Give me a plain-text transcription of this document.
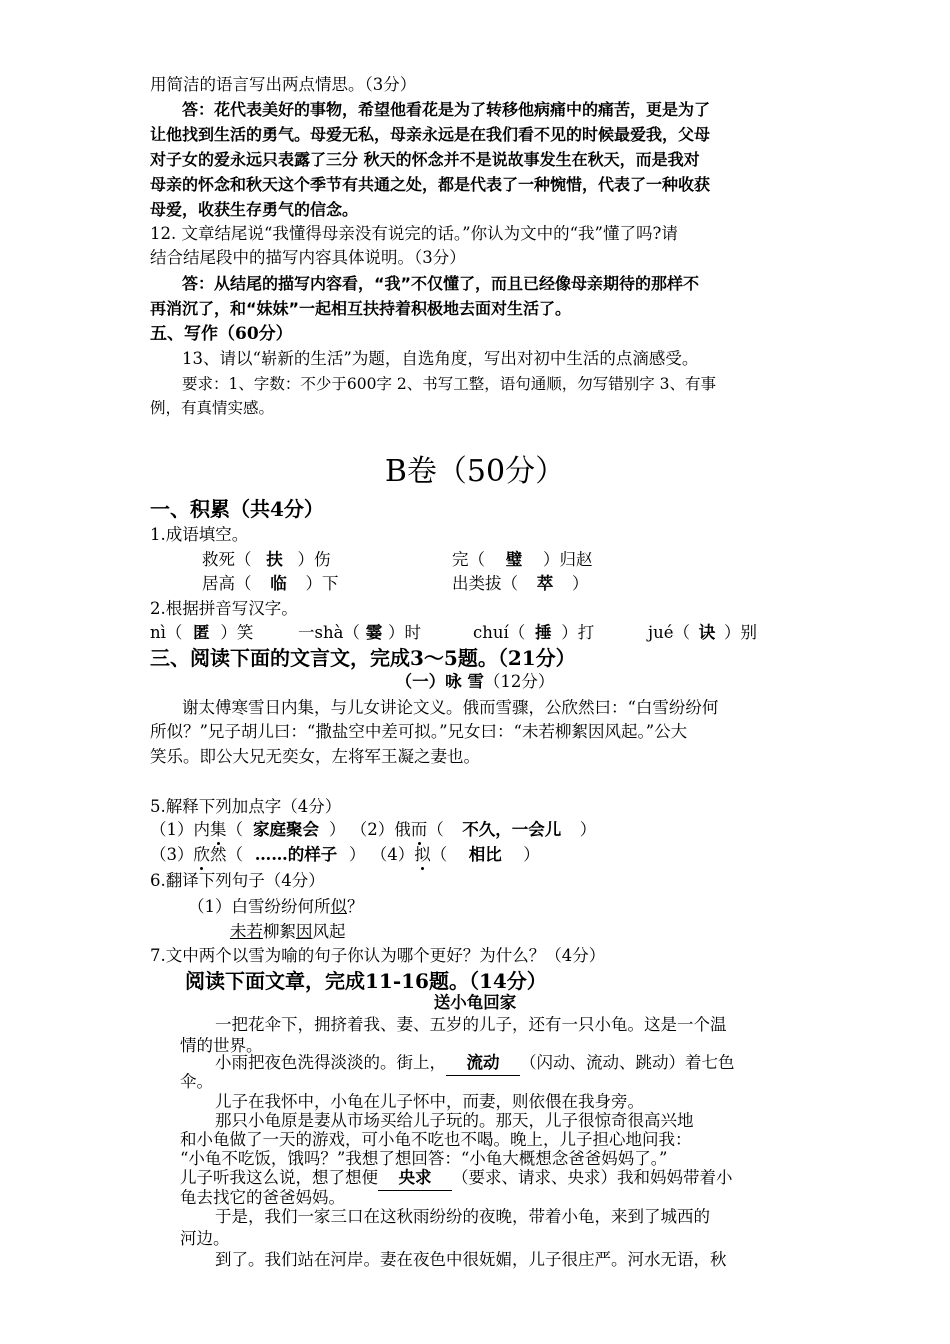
用简洁的语言写出两点情思。（3分）
答：花代表美好的事物，希望他看花是为了转移他病痛中的痛苦，更是为了
让他找到生活的勇气。母爱无私，母亲永远是在我们看不见的时候最爱我，父母
对子女的爱永远只表露了三分 秋天的怀念并不是说故事发生在秋天，而是我对
母亲的怀念和秋天这个季节有共通之处，都是代表了一种惋惜，代表了一种收获
母爱，收获生存勇气的信念。
12. 文章结尾说“我懂得母亲没有说完的话。”你认为文中的“我”懂了吗?请
结合结尾段中的描写内容具体说明。（3分）
答：从结尾的描写内容看，“我”不仅懂了，而且已经像母亲期待的那样不
再消沉了，和“妹妹”一起相互扶持着积极地去面对生活了。
五、写作（60分）
13、请以“崭新的生活”为题，自选角度，写出对初中生活的点滴感受。
要求：1、字数：不少于600字 2、书写工整，语句通顺，勿写错别字 3、有事
例，有真情实感。
B卷（50分）
一、积累（共4分）
1.成语填空。
救死（ 扶 ）伤	完（ 璧 ）归赵
居高（ 临 ）下	出类拔（ 萃 ）
2.根据拼音写汉字。
nì（ 匿 ）笑	一shà（ 霎 ）时	chuí（ 捶 ）打	jué（ 诀 ）别
三、阅读下面的文言文，完成3～5题。（21分）
（一）咏 雪（12分）
谢太傅寒雪日内集，与儿女讲论文义。俄而雪骤，公欣然曰：“白雪纷纷何
所似？”兄子胡儿曰：“撒盐空中差可拟。”兄女曰：“未若柳絮因风起。”公大
笑乐。即公大兄无奕女，左将军王凝之妻也。
5.解释下列加点字（4分）
（1）内集（ 家庭聚会 ） （2）俄而（ 不久，一会儿 ）
（3）欣然（ ……的样子 ） （4）拟（ 相比 ）
6.翻译下列句子（4分）
（1）白雪纷纷何所似？
未若柳絮因风起
7.文中两个以雪为喻的句子你认为哪个更好？为什么？（4分）
阅读下面文章，完成11-16题。（14分）
送小龟回家
一把花伞下，拥挤着我、妻、五岁的儿子，还有一只小龟。这是一个温
情的世界。
小雨把夜色洗得淡淡的。街上， 流动 （闪动、流动、跳动）着七色
伞。
儿子在我怀中，小龟在儿子怀中，而妻，则依偎在我身旁。
那只小龟原是妻从市场买给儿子玩的。那天，儿子很惊奇很高兴地
和小龟做了一天的游戏，可小龟不吃也不喝。晚上，儿子担心地问我：
“小龟不吃饭，饿吗？”我想了想回答：“小龟大概想念爸爸妈妈了。”
儿子听我这么说，想了想便 央求 （要求、请求、央求）我和妈妈带着小
龟去找它的爸爸妈妈。
于是，我们一家三口在这秋雨纷纷的夜晚，带着小龟，来到了城西的
河边。
到了。我们站在河岸。妻在夜色中很妩媚，儿子很庄严。河水无语，秋
